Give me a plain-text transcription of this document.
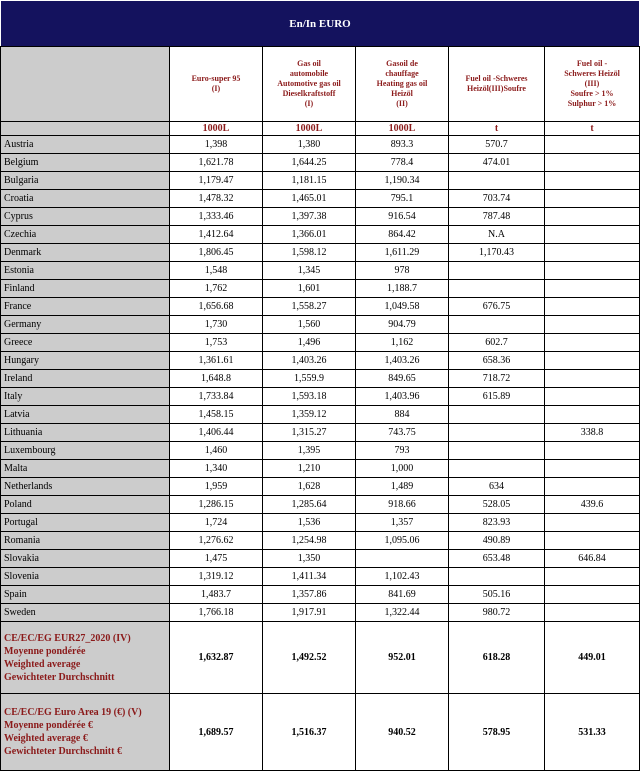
En/In EURO

	Euro-super 95
(I)	Gas oil
automobile
Automotive gas oil
Dieselkraftstoff
(I)	Gasoil de
chauffage
Heating gas oil
Heizöl
(II)	Fuel oil -Schweres
Heizöl(III)Soufre	Fuel oil -
Schweres Heizöl
(III)
Soufre > 1%
Sulphur > 1%

	1000L	1000L	1000L	t	t
Austria	1,398	1,380	893.3	570.7	
Belgium	1,621.78	1,644.25	778.4	474.01	
Bulgaria	1,179.47	1,181.15	1,190.34		
Croatia	1,478.32	1,465.01	795.1	703.74	
Cyprus	1,333.46	1,397.38	916.54	787.48	
Czechia	1,412.64	1,366.01	864.42	N.A	
Denmark	1,806.45	1,598.12	1,611.29	1,170.43	
Estonia	1,548	1,345	978		
Finland	1,762	1,601	1,188.7		
France	1,656.68	1,558.27	1,049.58	676.75	
Germany	1,730	1,560	904.79		
Greece	1,753	1,496	1,162	602.7	
Hungary	1,361.61	1,403.26	1,403.26	658.36	
Ireland	1,648.8	1,559.9	849.65	718.72	
Italy	1,733.84	1,593.18	1,403.96	615.89	
Latvia	1,458.15	1,359.12	884		
Lithuania	1,406.44	1,315.27	743.75		338.8
Luxembourg	1,460	1,395	793		
Malta	1,340	1,210	1,000		
Netherlands	1,959	1,628	1,489	634	
Poland	1,286.15	1,285.64	918.66	528.05	439.6
Portugal	1,724	1,536	1,357	823.93	
Romania	1,276.62	1,254.98	1,095.06	490.89	
Slovakia	1,475	1,350		653.48	646.84
Slovenia	1,319.12	1,411.34	1,102.43		
Spain	1,483.7	1,357.86	841.69	505.16	
Sweden	1,766.18	1,917.91	1,322.44	980.72	
CE/EC/EG EUR27_2020 (IV)
Moyenne pondérée
Weighted average
Gewichteter Durchschnitt	1,632.87	1,492.52	952.01	618.28	449.01
CE/EC/EG Euro Area 19 (€) (V)
Moyenne pondérée €
Weighted average €
Gewichteter Durchschnitt €	1,689.57	1,516.37	940.52	578.95	531.33
